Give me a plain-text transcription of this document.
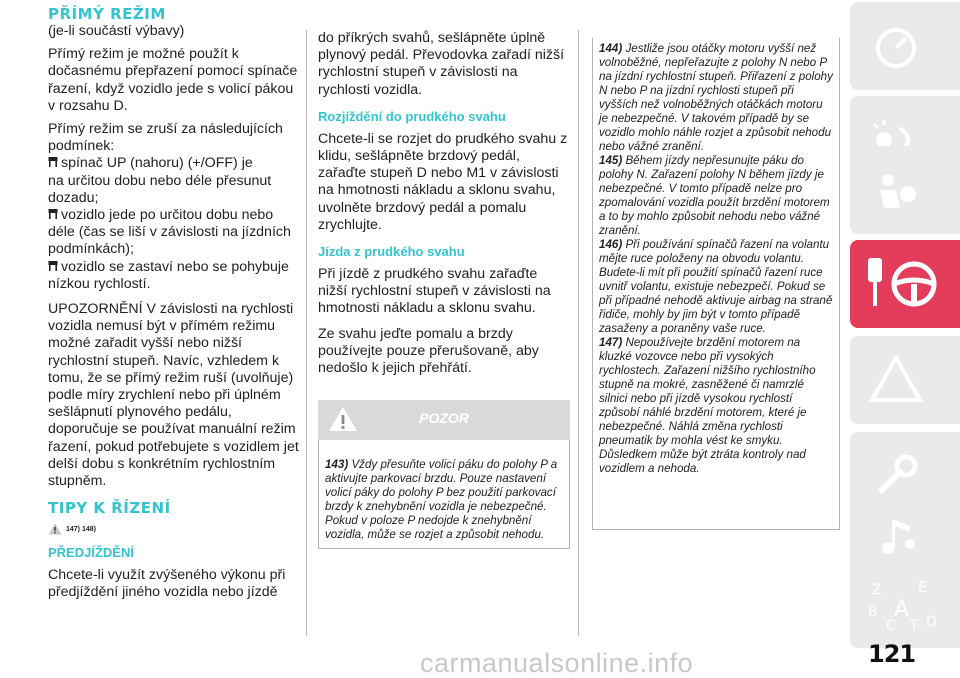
PŘÍMÝ REŽIM

(je-li součástí výbavy)

Přímý režim je možné použít k dočasnému přepřazení pomocí spínače řazení, když vozidlo jede s volicí pákou v rozsahu D.

Přímý režim se zruší za následujících podmínek:

spínač UP (nahoru) (+/OFF) je

na určitou dobu nebo déle přesunut dozadu;

vozidlo jede po určitou dobu nebo

déle (čas se liší v závislosti na jízdních podmínkách);

vozidlo se zastaví nebo se pohybuje

nízkou rychlostí.

UPOZORNĚNÍ V závislosti na rychlosti vozidla nemusí být v přímém režimu možné zařadit vyšší nebo nižší rychlostní stupeň. Navíc, vzhledem k tomu, že se přímý režim ruší (uvolňuje) podle míry zrychlení nebo při úplném sešlápnutí plynového pedálu, doporučuje se používat manuální režim řazení, pokud potřebujete s vozidlem jet delší dobu s konkrétním rychlostním stupněm.

TIPY K ŘÍZENÍ
147) 148)
PŘEDJÍŽDĚNÍ

Chcete-li využít zvýšeného výkonu při předjíždění jiného vozidla nebo jízdě

do příkrých svahů, sešlápněte úplně plynový pedál. Převodovka zařadí nižší rychlostní stupeň v závislosti na rychlosti vozidla.

Rozjíždění do prudkého svahu

Chcete-li se rozjet do prudkého svahu z klidu, sešlápněte brzdový pedál, zařaďte stupeň D nebo M1 v závislosti na hmotnosti nákladu a sklonu svahu, uvolněte brzdový pedál a pomalu zrychlujte.

Jízda z prudkého svahu

Při jízdě z prudkého svahu zařaďte nižší rychlostní stupeň v závislosti na hmotnosti nákladu a sklonu svahu.

Ze svahu jeďte pomalu a brzdy používejte pouze přerušovaně, aby nedošlo k jejich přehřátí.

POZOR
143) Vždy přesuňte volicí páku do polohy P a aktivujte parkovací brzdu. Pouze nastavení volicí páky do polohy P bez použití parkovací brzdy k znehybnění vozidla je nebezpečné. Pokud v poloze P nedojde k znehybnění vozidla, může se rozjet a způsobit nehodu.
144) Jestliže jsou otáčky motoru vyšší než volnoběžné, nepřeřazujte z polohy N nebo P na jízdní rychlostní stupeň. Přiřazení z polohy N nebo P na jízdní rychlosti stupeň při vyšších než volnoběžných otáčkách motoru je nebezpečné. V takovém případě by se vozidlo mohlo náhle rozjet a způsobit nehodu nebo vážné zranění.
145) Během jízdy nepřesunujte páku do polohy N. Zařazení polohy N během jízdy je nebezpečné. V tomto případě nelze pro zpomalování vozidla použít brzdění motorem a to by mohlo způsobit nehodu nebo vážné zranění.
146) Při používání spínačů řazení na volantu mějte ruce položeny na obvodu volantu. Budete-li mít při použití spínačů řazení ruce uvnitř volantu, existuje nebezpečí. Pokud se při případné nehodě aktivuje airbag na straně řidiče, mohly by jim být v tomto případě zasaženy a poraněny vaše ruce.
147) Nepoužívejte brzdění motorem na kluzké vozovce nebo při vysokých rychlostech. Zařazení nižšího rychlostního stupně na mokré, zasněžené či namrzlé silnici nebo při jízdě vysokou rychlostí způsobí náhlé brzdění motorem, které je nebezpečné. Náhlá změna rychlosti pneumatik by mohla vést ke smyku. Důsledkem může být ztráta kontroly nad vozidlem a nehoda.
Z	E
B A
C T D
121
carmanualsonline.info
